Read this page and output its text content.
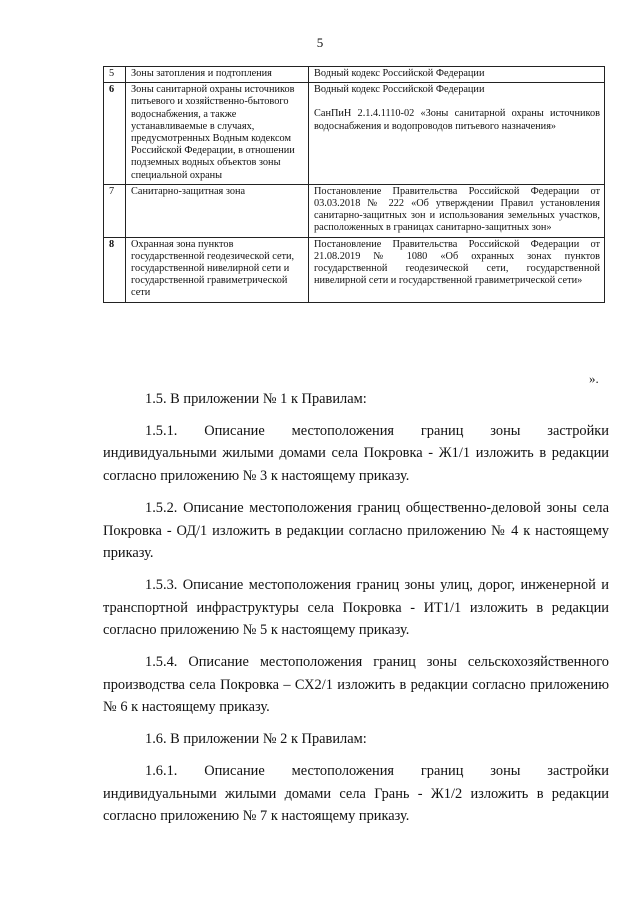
5
5	Зоны затопления и подтопления	Водный кодекс Российской Федерации
6	Зоны санитарной охраны источников питьевого и хозяйственно-бытового водоснабжения, а также устанавливаемые в случаях, предусмотренных Водным кодексом Российской Федерации, в отношении подземных водных объектов зоны специальной охраны	Водный кодекс Российской Федерации
СанПиН 2.1.4.1110-02 «Зоны санитарной охраны источников водоснабжения и водопроводов питьевого назначения»

7	Санитарно-защитная зона	Постановление Правительства Российской Федерации от 03.03.2018 № 222 «Об утверждении Правил установления санитарно-защитных зон и использования земельных участков, расположенных в границах санитарно-защитных зон»
8	Охранная зона пунктов государственной геодезической сети, государственной нивелирной сети и государственной гравиметрической сети	Постановление Правительства Российской Федерации от 21.08.2019 № 1080 «Об охранных зонах пунктов государственной геодезической сети, государственной нивелирной сети и государственной гравиметрической сети»
».

1.5. В приложении № 1 к Правилам:

1.5.1. Описание местоположения границ зоны застройки индивидуальными жилыми домами села Покровка - Ж1/1 изложить в редакции согласно приложению № 3 к настоящему приказу.

1.5.2. Описание местоположения границ общественно-деловой зоны села Покровка - ОД/1 изложить в редакции согласно приложению № 4 к настоящему приказу.

1.5.3. Описание местоположения границ зоны улиц, дорог, инженерной и транспортной инфраструктуры села Покровка - ИТ1/1 изложить в редакции согласно приложению № 5 к настоящему приказу.

1.5.4. Описание местоположения границ зоны сельскохозяйственного производства села Покровка – СХ2/1 изложить в редакции согласно приложению № 6 к настоящему приказу.

1.6. В приложении № 2 к Правилам:

1.6.1. Описание местоположения границ зоны застройки индивидуальными жилыми домами села Грань - Ж1/2 изложить в редакции согласно приложению № 7 к настоящему приказу.
